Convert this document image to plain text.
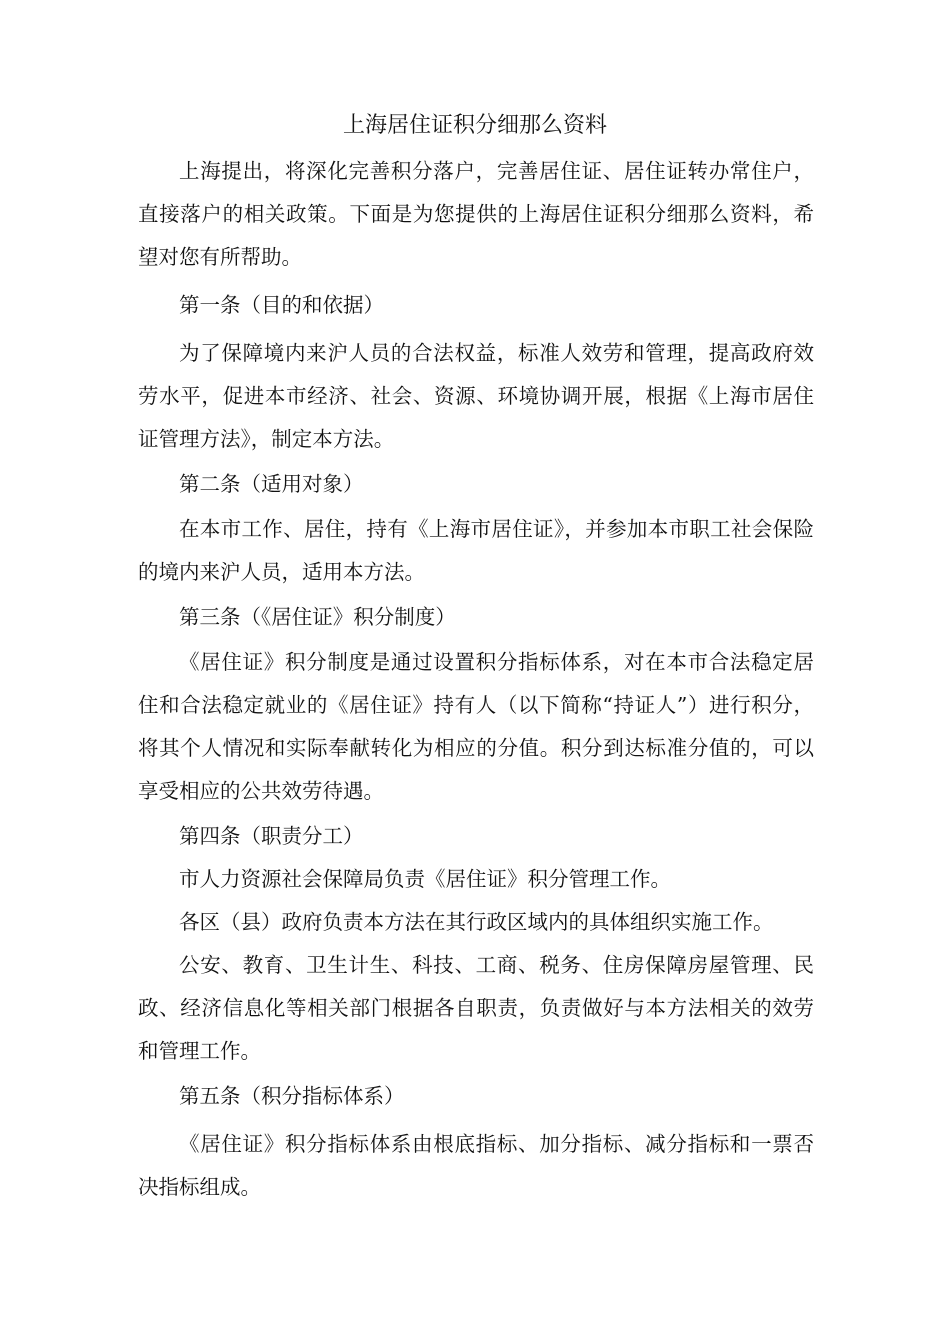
上海居住证积分细那么资料

上海提出，将深化完善积分落户，完善居住证、居住证转办常住户，直接落户的相关政策。下面是为您提供的上海居住证积分细那么资料，希望对您有所帮助。

第一条（目的和依据）

为了保障境内来沪人员的合法权益，标准人效劳和管理，提高政府效劳水平，促进本市经济、社会、资源、环境协调开展，根据《上海市居住证管理方法》，制定本方法。

第二条（适用对象）

在本市工作、居住，持有《上海市居住证》，并参加本市职工社会保险的境内来沪人员，适用本方法。

第三条（《居住证》积分制度）

《居住证》积分制度是通过设置积分指标体系，对在本市合法稳定居住和合法稳定就业的《居住证》持有人（以下简称“持证人”）进行积分，将其个人情况和实际奉献转化为相应的分值。积分到达标准分值的，可以享受相应的公共效劳待遇。

第四条（职责分工）

市人力资源社会保障局负责《居住证》积分管理工作。

各区（县）政府负责本方法在其行政区域内的具体组织实施工作。

公安、教育、卫生计生、科技、工商、税务、住房保障房屋管理、民政、经济信息化等相关部门根据各自职责，负责做好与本方法相关的效劳和管理工作。

第五条（积分指标体系）

《居住证》积分指标体系由根底指标、加分指标、减分指标和一票否决指标组成。
